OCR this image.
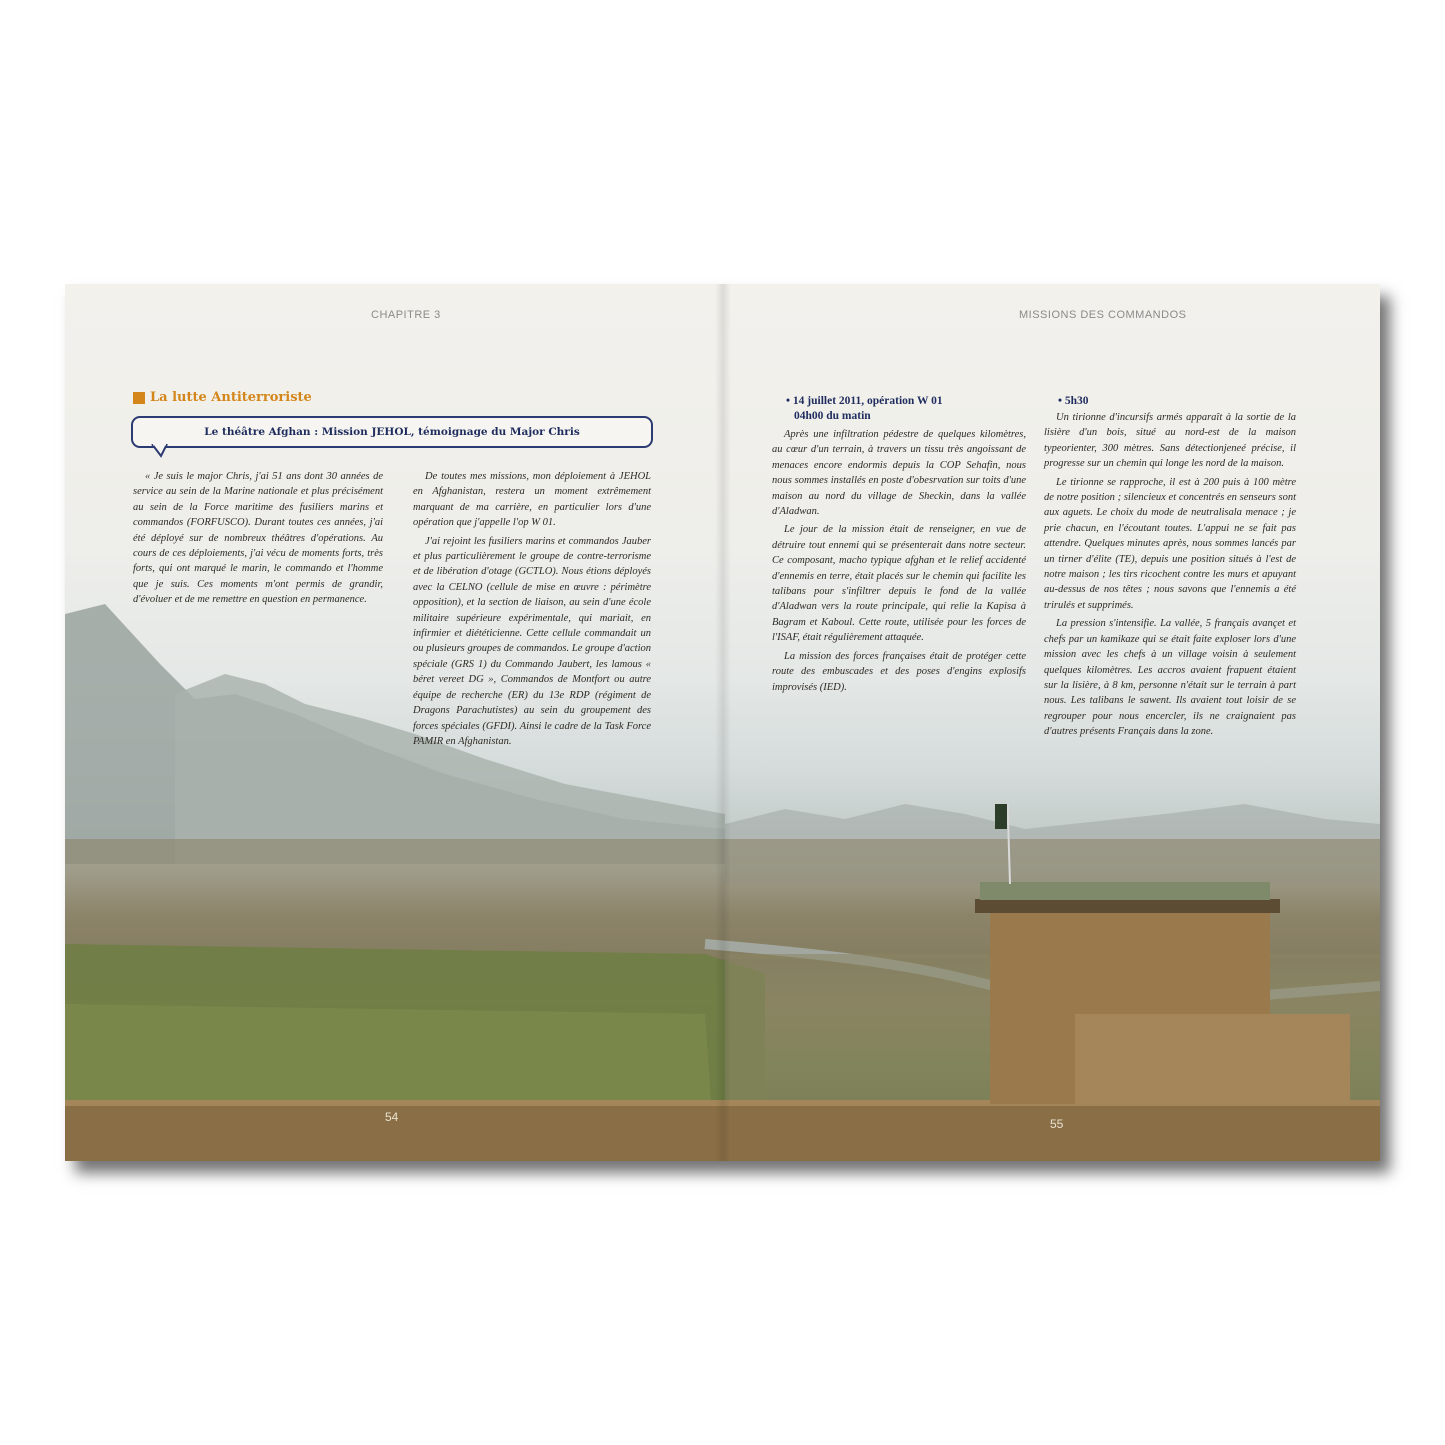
CHAPITRE 3	MISSIONS DES COMMANDOS
La lutte Antiterroriste
Le théâtre Afghan : Mission JEHOL, témoignage du Major Chris

« Je suis le major Chris, j'ai 51 ans dont 30 années de service au sein de la Marine nationale et plus précisément au sein de la Force maritime des fusiliers marins et commandos (FORFUSCO). Durant toutes ces années, j'ai été déployé sur de nombreux théâtres d'opérations. Au cours de ces déploiements, j'ai vécu de moments forts, très forts, qui ont marqué le marin, le commando et l'homme que je suis. Ces moments m'ont permis de grandir, d'évoluer et de me remettre en question en permanence.

De toutes mes missions, mon déploiement à JEHOL en Afghanistan, restera un moment extrêmement marquant de ma carrière, en particulier lors d'une opération que j'appelle l'op W 01.

J'ai rejoint les fusiliers marins et commandos Jauber et plus particulièrement le groupe de contre-terrorisme et de libération d'otage (GCTLO). Nous étions déployés avec la CELNO (cellule de mise en œuvre : périmètre opposition), et la section de liaison, au sein d'une école militaire supérieure expérimentale, qui mariait, en infirmier et diététicienne. Cette cellule commandait un ou plusieurs groupes de commandos. Le groupe d'action spéciale (GRS 1) du Commando Jaubert, les lamous « béret vereet DG », Commandos de Montfort ou autre équipe de recherche (ER) du 13e RDP (régiment de Dragons Parachutistes) au sein du groupement des forces spéciales (GFDI). Ainsi le cadre de la Task Force PAMIR en Afghanistan.

• 14 juillet 2011, opération W 01
04h00 du matin

Après une infiltration pédestre de quelques kilomètres, au cœur d'un terrain, à travers un tissu très angoissant de menaces encore endormis depuis la COP Sehafin, nous nous sommes installés en poste d'obesrvation sur toits d'une maison au nord du village de Sheckin, dans la vallée d'Aladwan.

Le jour de la mission était de renseigner, en vue de détruire tout ennemi qui se présenterait dans notre secteur. Ce composant, macho typique afghan et le relief accidenté d'ennemis en terre, était placés sur le chemin qui facilite les talibans pour s'infiltrer depuis le fond de la vallée d'Aladwan vers la route principale, qui relie la Kapisa à Bagram et Kaboul. Cette route, utilisée pour les forces de l'ISAF, était régulièrement attaquée.

La mission des forces françaises était de protéger cette route des embuscades et des poses d'engins explosifs improvisés (IED).

• 5h30

Un tirionne d'incursifs armés apparaît à la sortie de la lisière d'un bois, situé au nord-est de la maison typeorienter, 300 mètres. Sans détectionjeneé précise, il progresse sur un chemin qui longe les nord de la maison.

Le tirionne se rapproche, il est à 200 puis à 100 mètre de notre position ; silencieux et concentrés en senseurs sont aux aguets. Le choix du mode de neutralisala menace ; je prie chacun, en l'écoutant toutes. L'appui ne se fait pas attendre. Quelques minutes après, nous sommes lancés par un tirner d'élite (TE), depuis une position situés à l'est de notre maison ; les tirs ricochent contre les murs et apuyant au-dessus de nos têtes ; nous savons que l'ennemis a été trirulés et supprimés.

La pression s'intensifie. La vallée, 5 français avançet et chefs par un kamikaze qui se était faite exploser lors d'une mission avec les chefs à un village voisin à seulement quelques kilomètres. Les accros avaient frapuent étaient sur la lisière, à 8 km, personne n'était sur le terrain à part nous. Les talibans le sawent. Ils avaient tout loisir de se regrouper pour nous encercler, ils ne craignaient pas d'autres présents Français dans la zone.

54	55
